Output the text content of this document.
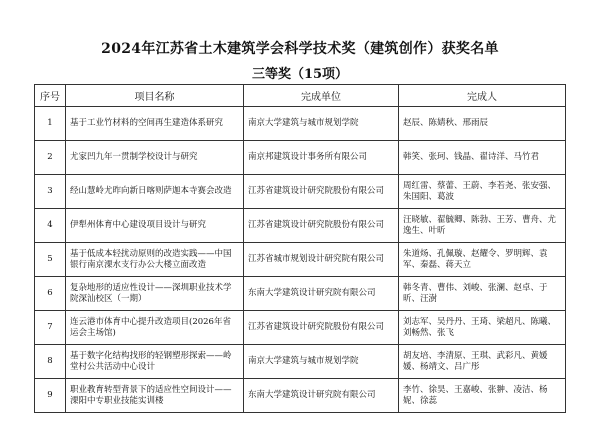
2024年江苏省土木建筑学会科学技术奖（建筑创作）获奖名单
三等奖（15项）
序号	项目名称	完成单位	完成人
1	基于工业竹材料的空间再生建造体系研究	南京大学建筑与城市规划学院	赵辰、陈婧秋、邢雨辰
2	尤家凹九年一贯制学校设计与研究	南京邦建筑设计事务所有限公司	韩笑、张珂、钱晶、翟诗洋、马竹君
3	经山慧岭尤昨向新日喀则萨迦本寺赛会改造	江苏省建筑设计研究院股份有限公司	周红雷、蔡蕾、王蔚、李若尧、张安强、朱国阳、葛波
4	伊犁州体育中心建设项目设计与研究	江苏省建筑设计研究院股份有限公司	汪晓敏、翟毓卿、陈勃、王芳、曹舟、尤逸生、叶昕
5	基于低成本轻扰动原则的改造实践——中国银行南京溧水支行办公大楼立面改造	江苏省城市规划设计研究院有限公司	朱道炀、孔佩璇、赵耀令、罗明辉、袁军、秦磊、蒋天立
6	复杂地形的适应性设计——深圳职业技术学院深汕校区（一期）	东南大学建筑设计研究院有限公司	韩冬青、曹伟、刘峻、张澜、赵卓、于昕、汪澍
7	连云港市体育中心提升改造项目(2026年省运会主场馆)	江苏省建筑设计研究院股份有限公司	刘志军、吴丹丹、王琦、梁超凡、陈曦、刘畅然、张飞
8	基于数字化结构找形的轻钢塑形探索——岭堂村公共活动中心设计	南京大学建筑与城市规划学院	胡友培、李清原、王琪、武彩凡、黄媛媛、杨靖文、吕广彤
9	职业教育转型背景下的适应性空间设计——溧阳中专职业技能实训楼	东南大学建筑设计研究院有限公司	李竹、徐昊、王嘉峻、张翀、凌洁、杨妮、徐蕊
